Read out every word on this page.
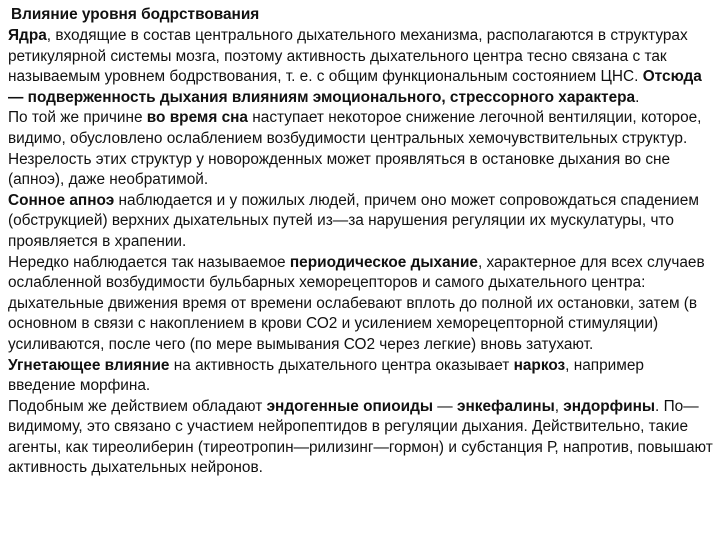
Влияние уровня бодрствования

Ядра, входящие в состав центрального дыхательного механизма, располагаются в структурах ретикулярной системы мозга, поэтому активность дыхательного центра тесно связана с так называемым уровнем бодрствования, т. е. с общим функциональным состоянием ЦНС. Отсюда — подверженность дыхания влияниям эмоционального, стрессорного характера.

По той же причине во время сна наступает некоторое снижение легочной вентиляции, которое, видимо, обусловлено ослаблением возбудимости центральных хемочувствительных структур. Незрелость этих структур у новорожденных может проявляться в остановке дыхания во сне (апноэ), даже необратимой.

Сонное апноэ наблюдается и у пожилых людей, причем оно может сопровождаться спадением (обструкцией) верхних дыхательных путей из—за нарушения регуляции их мускулатуры, что проявляется в храпении.

Нередко наблюдается так называемое периодическое дыхание, характерное для всех случаев ослабленной возбудимости бульбарных хеморецепторов и самого дыхательного центра: дыхательные движения время от времени ослабевают вплоть до полной их остановки, затем (в основном в связи с накоплением в крови СО2 и усилением хеморецепторной стимуляции) усиливаются, после чего (по мере вымывания СО2 через легкие) вновь затухают.

Угнетающее влияние на активность дыхательного центра оказывает наркоз, например введение морфина.

Подобным же действием обладают эндогенные опиоиды — энкефалины, эндорфины. По—видимому, это связано с участием нейропептидов в регуляции дыхания. Действительно, такие агенты, как тиреолиберин (тиреотропин—рилизинг—гормон) и субстанция Р, напротив, повышают активность дыхательных нейронов.
